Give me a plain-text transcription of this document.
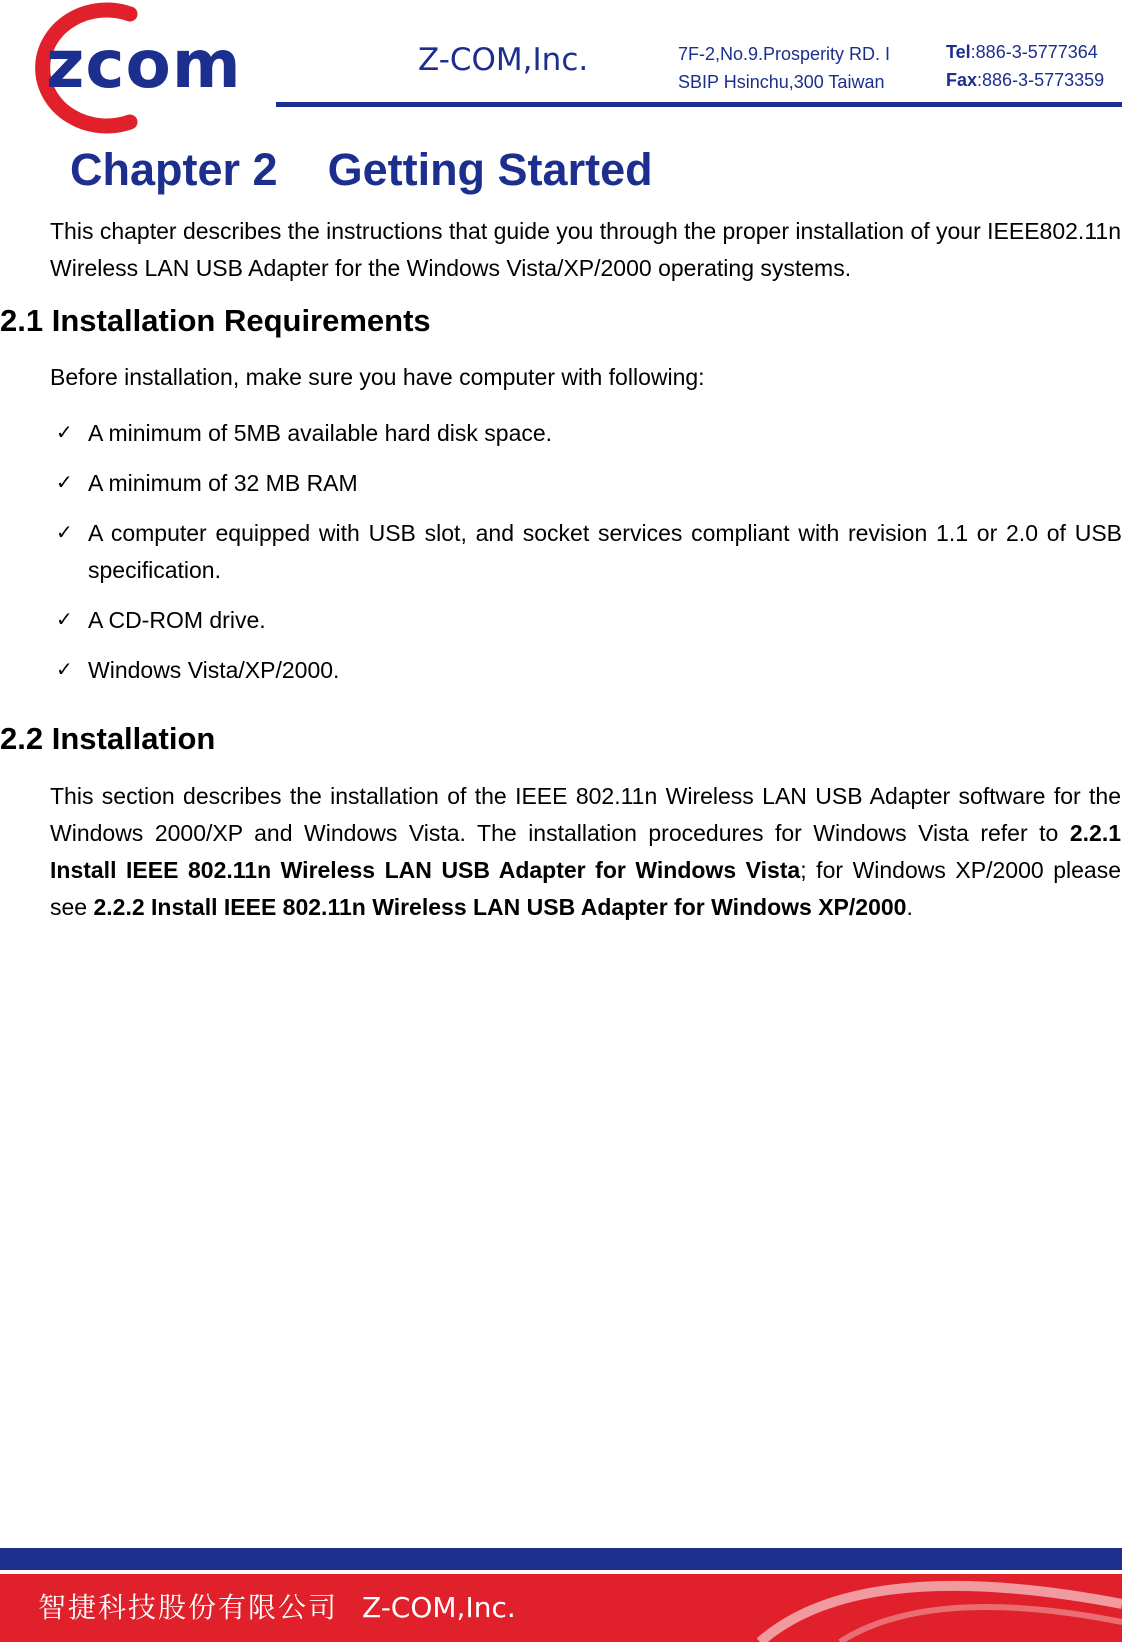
zcom	Z-COM,Inc.	7F-2,No.9.Prosperity RD. I
SBIP Hsinchu,300 Taiwan
Tel:886-3-5777364
Fax:886-3-5773359
Chapter 2    Getting Started

This chapter describes the instructions that guide you through the proper installation of your IEEE802.11n Wireless LAN USB Adapter for the Windows Vista/XP/2000 operating systems.

2.1 Installation Requirements

Before installation, make sure you have computer with following:

✓ A minimum of 5MB available hard disk space.
✓ A minimum of 32 MB RAM
✓ A computer equipped with USB slot, and socket services compliant with revision 1.1 or 2.0 of USB specification.
✓ A CD-ROM drive.
✓ Windows Vista/XP/2000.
2.2 Installation

This section describes the installation of the IEEE 802.11n Wireless LAN USB Adapter software for the Windows 2000/XP and Windows Vista. The installation procedures for Windows Vista refer to 2.2.1 Install IEEE 802.11n Wireless LAN USB Adapter for Windows Vista; for Windows XP/2000 please see 2.2.2 Install IEEE 802.11n Wireless LAN USB Adapter for Windows XP/2000.

9
智捷科技股份有限公司 Z-COM,Inc.
